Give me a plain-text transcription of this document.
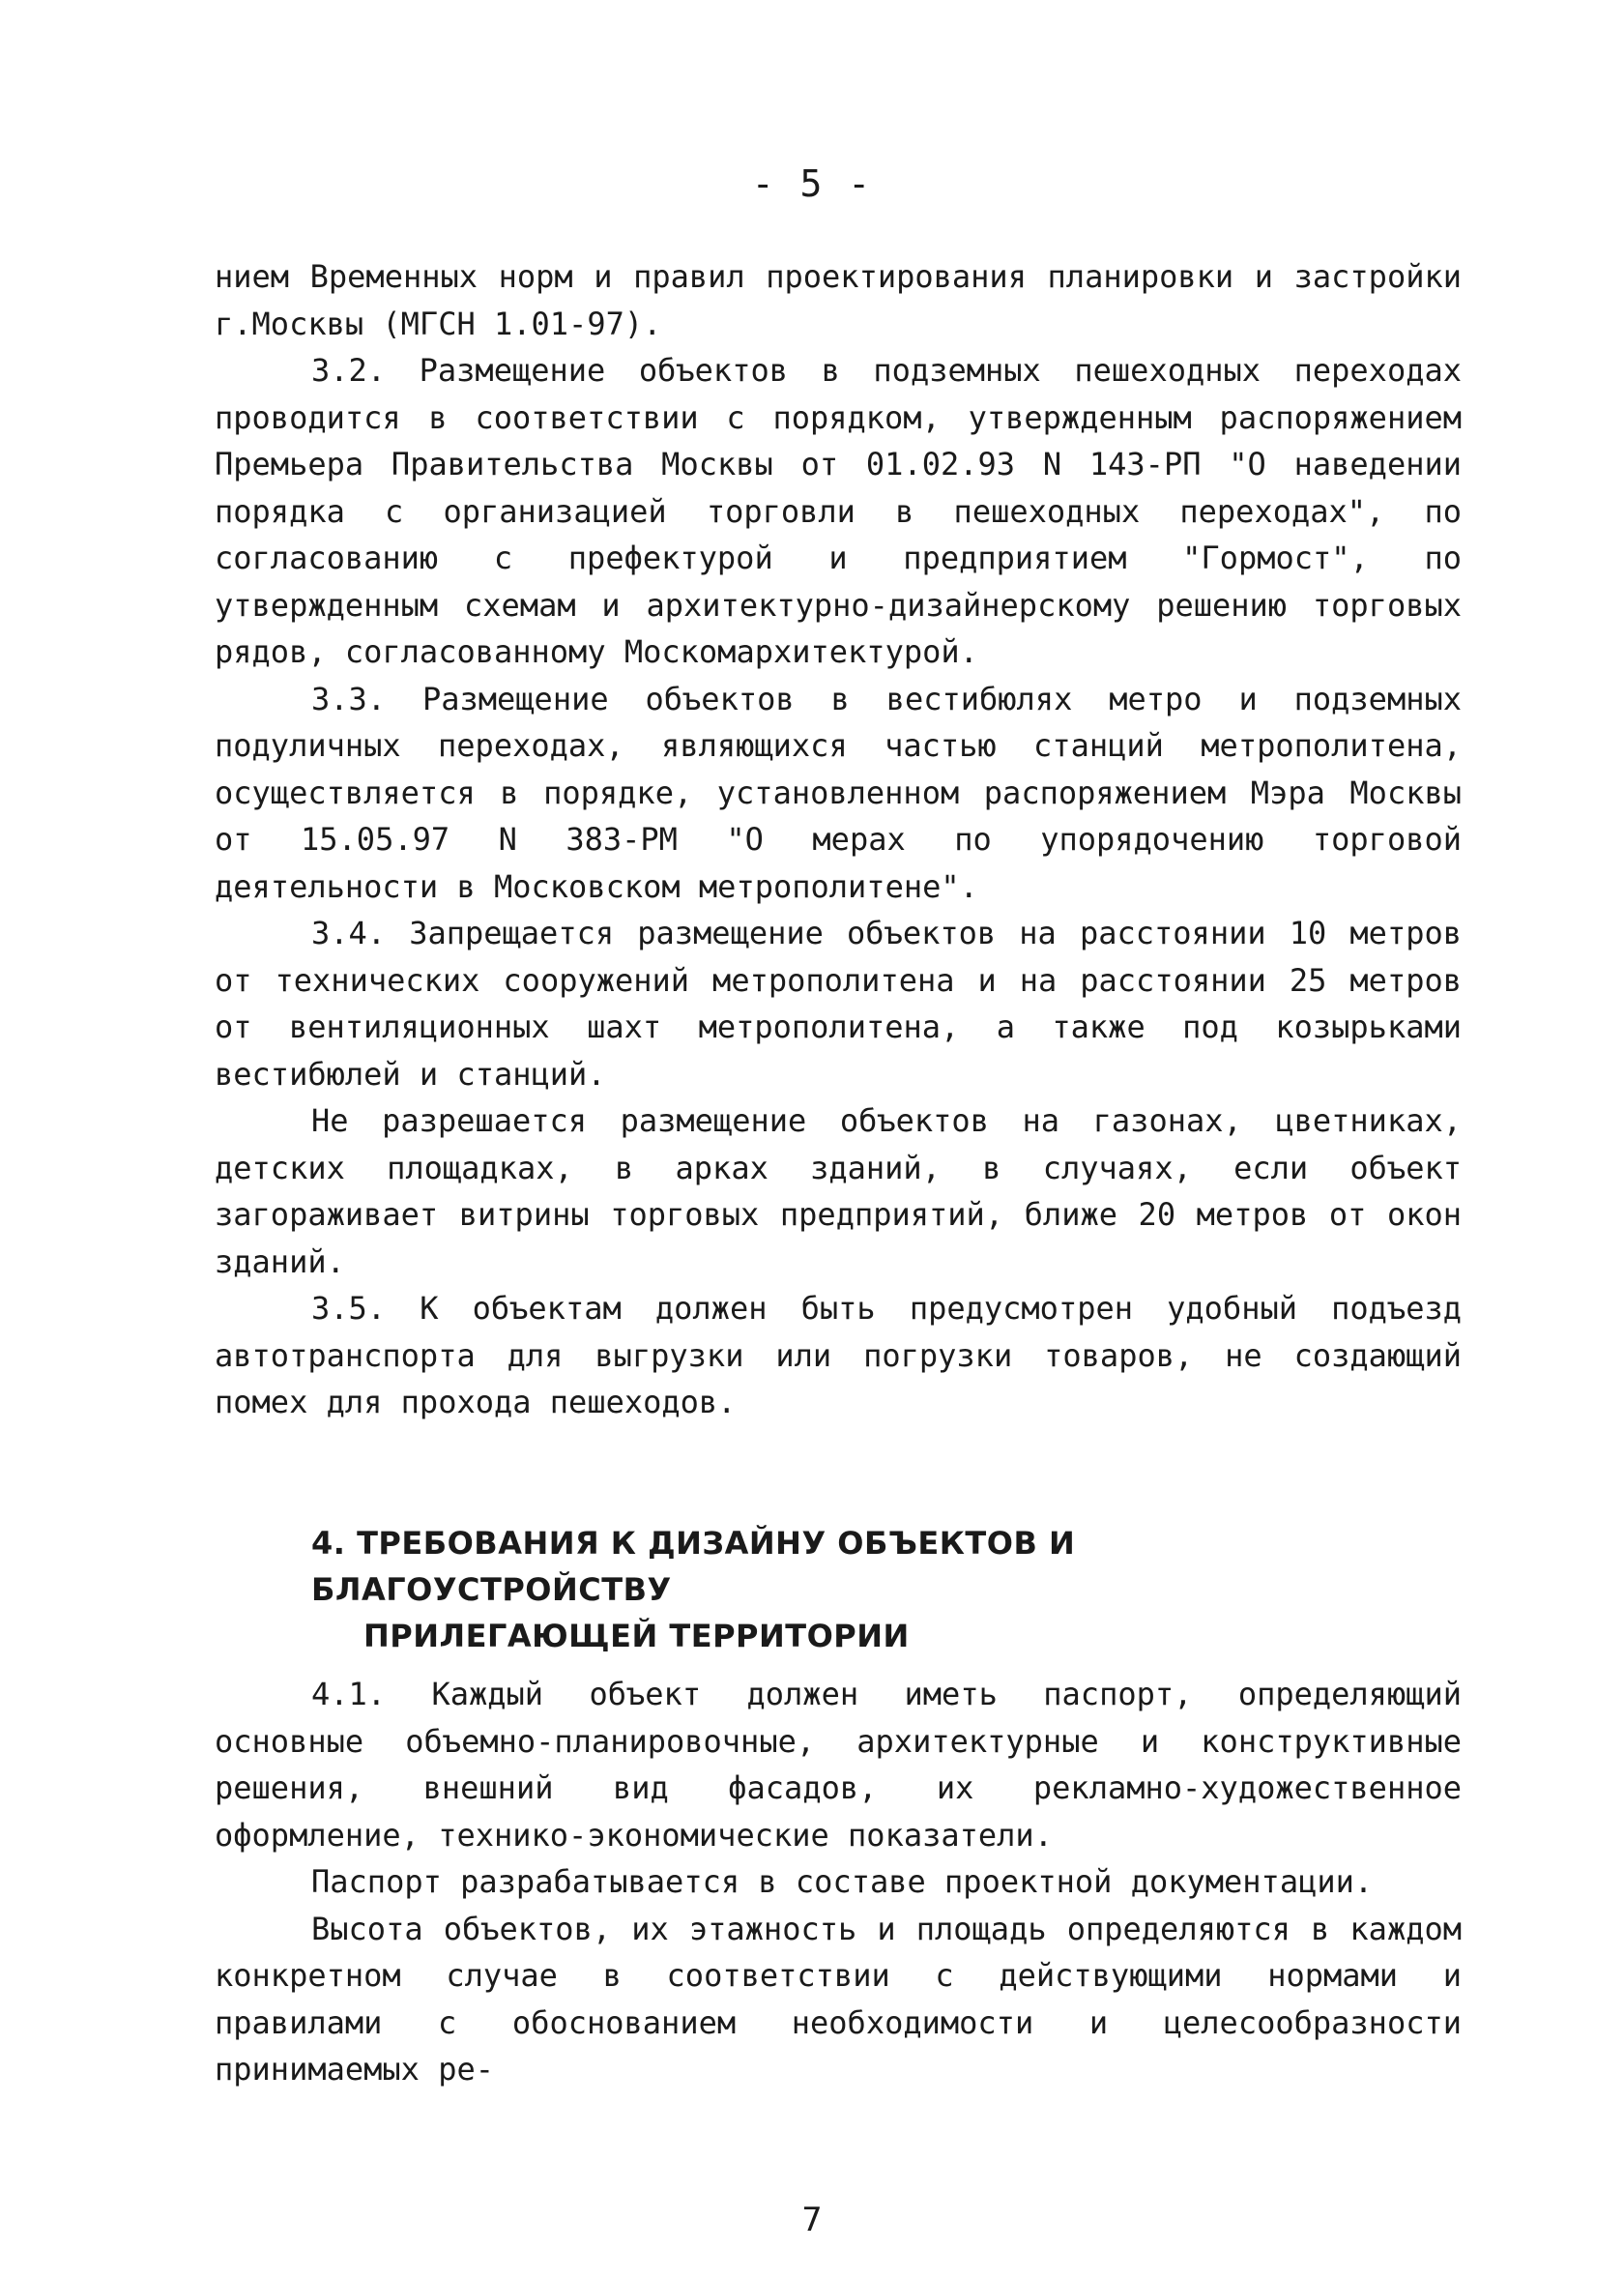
- 5 -

нием Временных норм и правил проектирования планировки и застройки г.Москвы (МГСН 1.01-97).

3.2. Размещение объектов в подземных пешеходных переходах проводится в соответствии с порядком, утвержденным распоряжением Премьера Правительства Москвы от 01.02.93 N 143-РП "О наведении порядка с организацией торговли в пешеходных переходах", по согласованию с префектурой и предприятием "Гормост", по утвержденным схемам и архитектурно-дизайнерскому решению торговых рядов, согласованному Москомархитектурой.

3.3. Размещение объектов в вестибюлях метро и подземных подуличных переходах, являющихся частью станций метрополитена, осуществляется в порядке, установленном распоряжением Мэра Москвы от 15.05.97 N 383-РМ "О мерах по упорядочению торговой деятельности в Московском метрополитене".

3.4. Запрещается размещение объектов на расстоянии 10 метров от технических сооружений метрополитена и на расстоянии 25 метров от вентиляционных шахт метрополитена, а также под козырьками вестибюлей и станций.

Не разрешается размещение объектов на газонах, цветниках, детских площадках, в арках зданий, в случаях, если объект загораживает витрины торговых предприятий, ближе 20 метров от окон зданий.

3.5. К объектам должен быть предусмотрен удобный подъезд автотранспорта для выгрузки или погрузки товаров, не создающий помех для прохода пешеходов.

4. ТРЕБОВАНИЯ К ДИЗАЙНУ ОБЪЕКТОВ И БЛАГОУСТРОЙСТВУ
ПРИЛЕГАЮЩЕЙ ТЕРРИТОРИИ

4.1. Каждый объект должен иметь паспорт, определяющий основные объемно-планировочные, архитектурные и конструктивные решения, внешний вид фасадов, их рекламно-художественное оформление, технико-экономические показатели.

Паспорт разрабатывается в составе проектной документации.

Высота объектов, их этажность и площадь определяются в каждом конкретном случае в соответствии с действующими нормами и правилами с обоснованием необходимости и целесообразности принимаемых ре-

7
